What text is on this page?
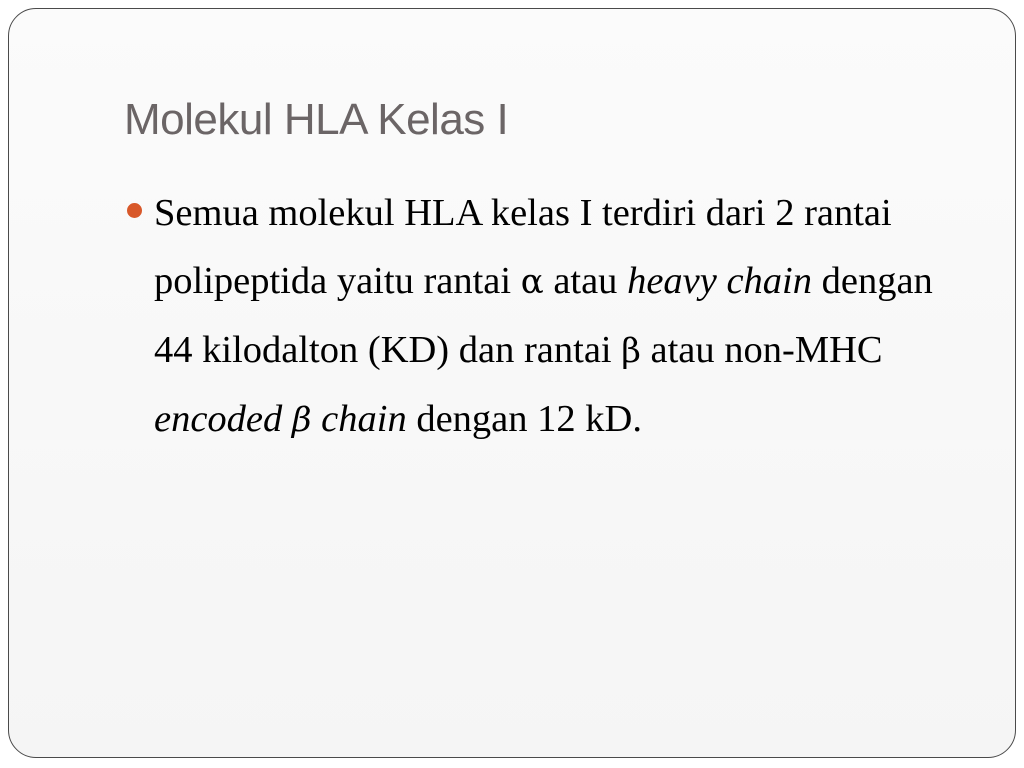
Molekul HLA Kelas I
Semua molekul HLA kelas I terdiri dari 2 rantai polipeptida yaitu rantai α atau heavy chain dengan 44 kilodalton (KD) dan rantai β atau non-MHC encoded β chain dengan 12 kD.
